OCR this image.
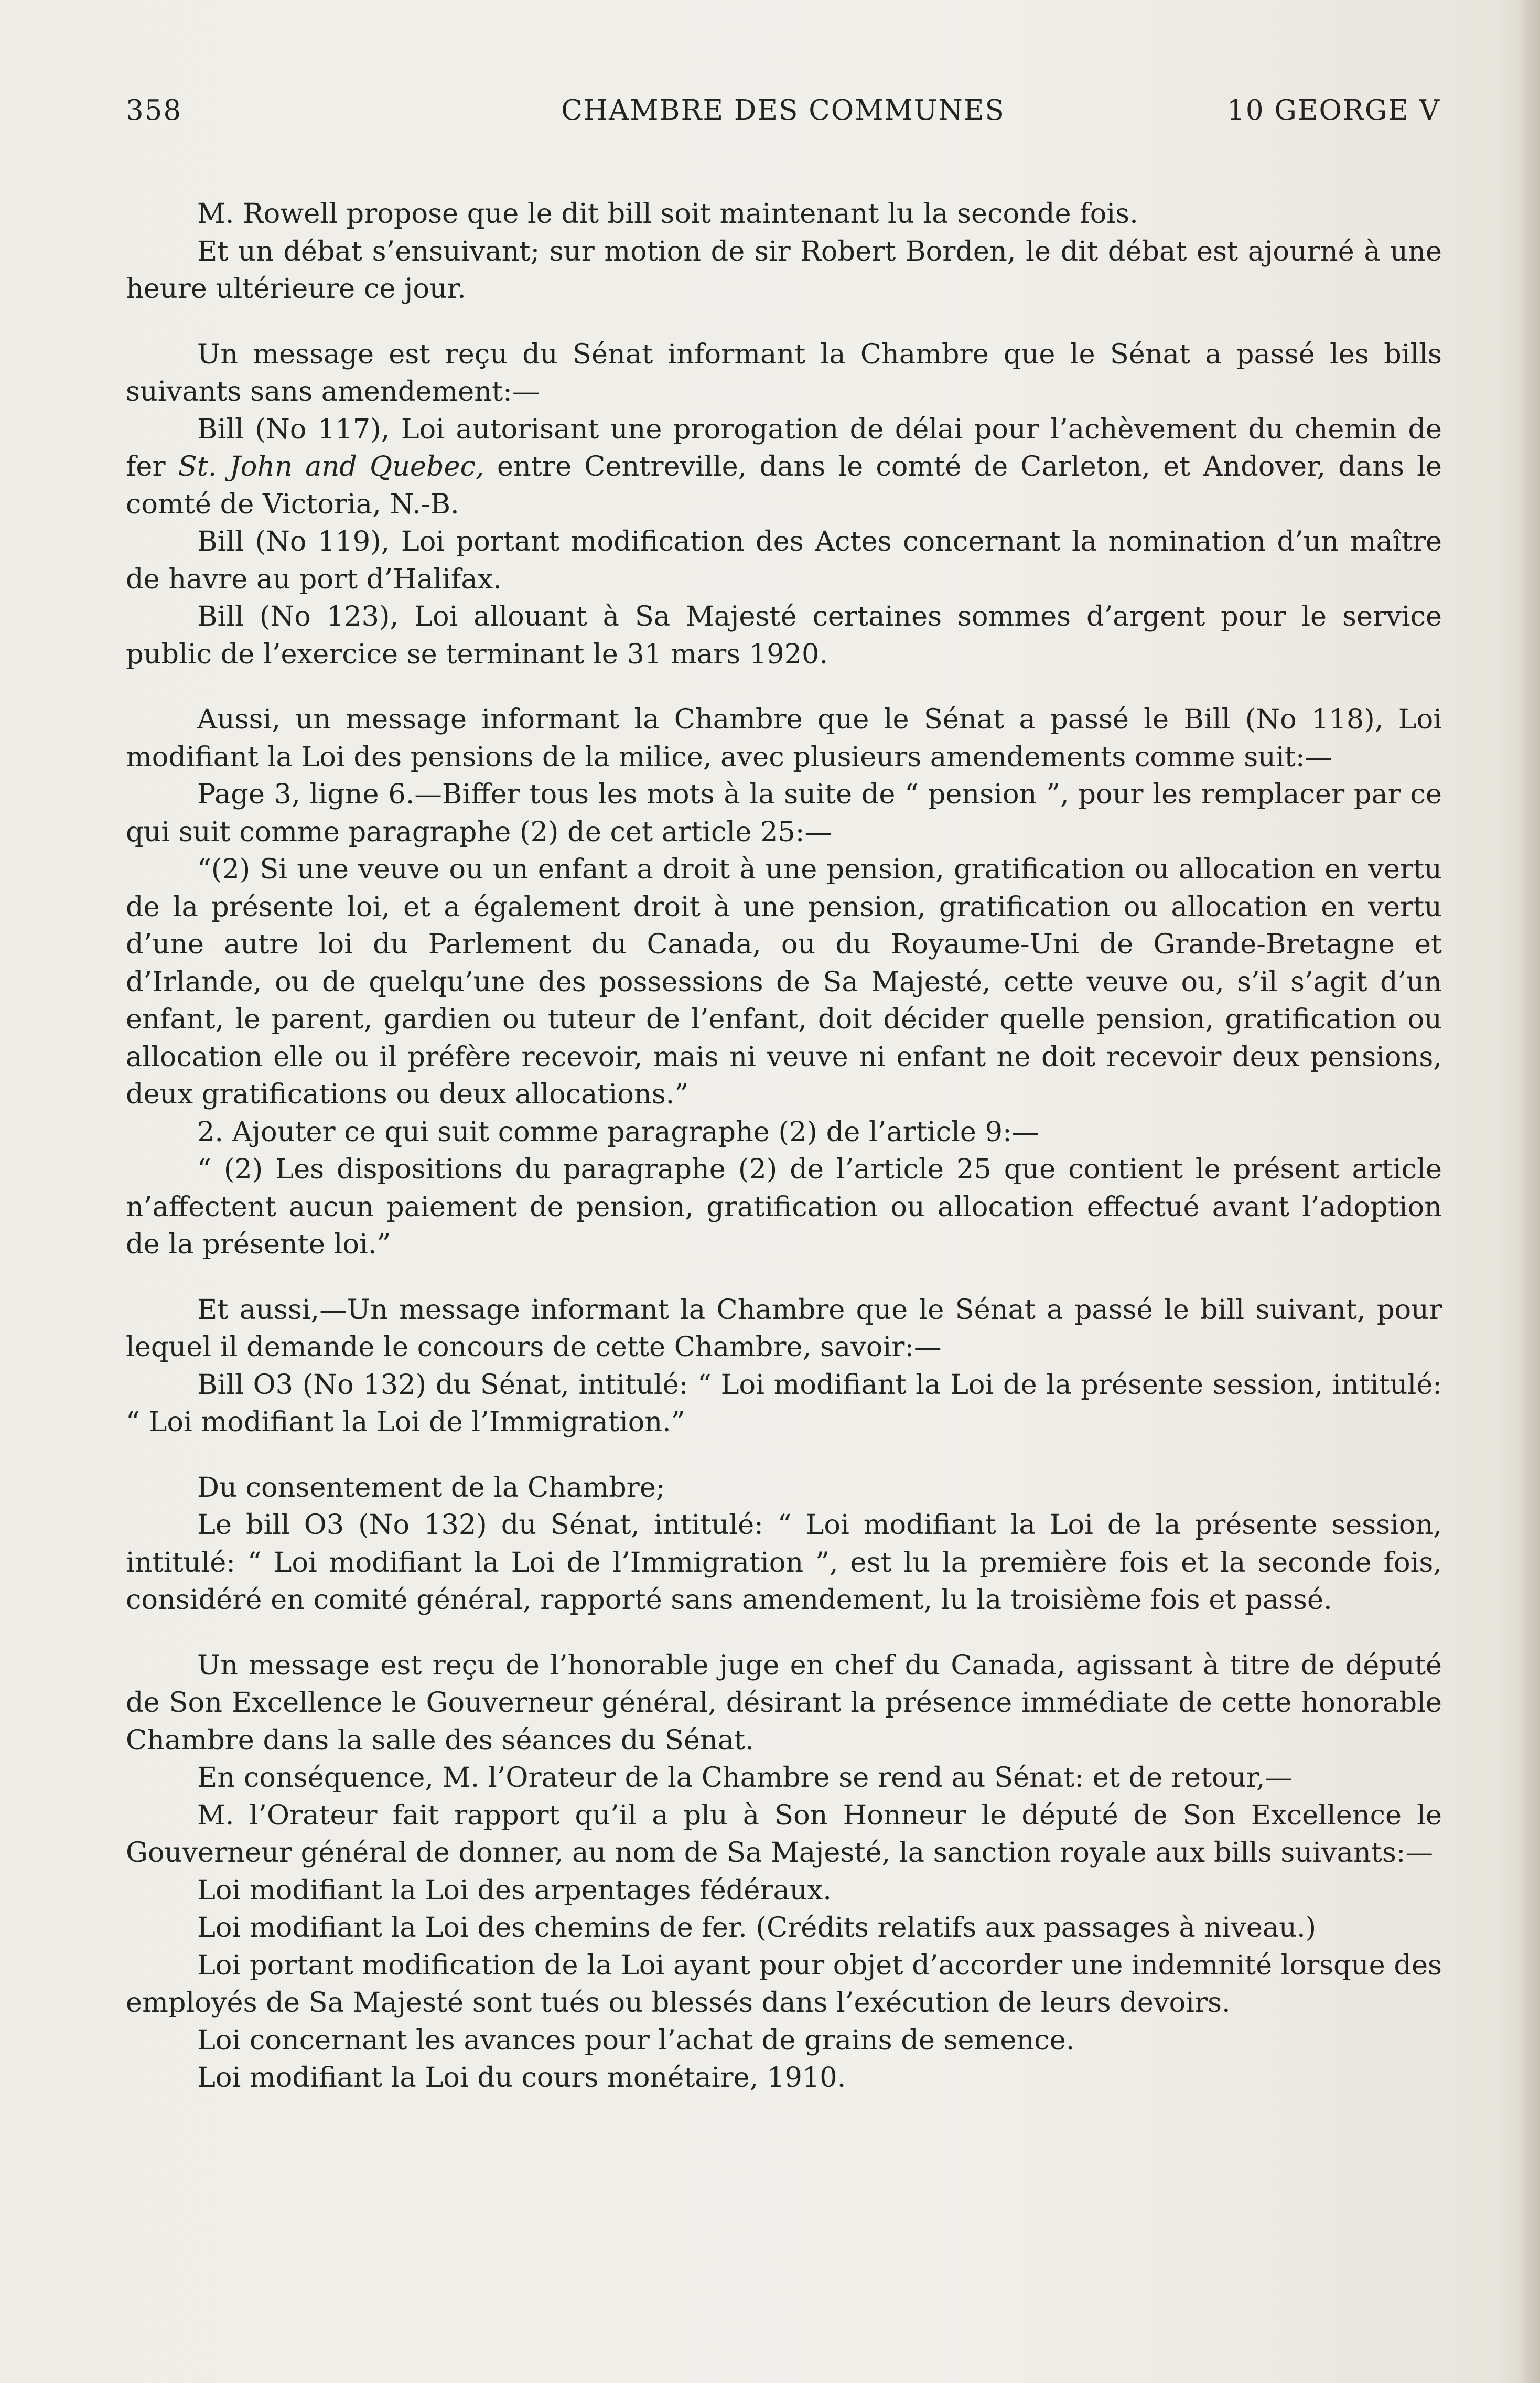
358	CHAMBRE DES COMMUNES	10 GEORGE V

M. Rowell propose que le dit bill soit maintenant lu la seconde fois.

Et un débat s’ensuivant; sur motion de sir Robert Borden, le dit débat est ajourné à une heure ultérieure ce jour.

Un message est reçu du Sénat informant la Chambre que le Sénat a passé les bills suivants sans amendement:—

Bill (No 117), Loi autorisant une prorogation de délai pour l’achèvement du chemin de fer St. John and Quebec, entre Centreville, dans le comté de Carleton, et Andover, dans le comté de Victoria, N.-B.

Bill (No 119), Loi portant modification des Actes concernant la nomination d’un maître de havre au port d’Halifax.

Bill (No 123), Loi allouant à Sa Majesté certaines sommes d’argent pour le service public de l’exercice se terminant le 31 mars 1920.

Aussi, un message informant la Chambre que le Sénat a passé le Bill (No 118), Loi modifiant la Loi des pensions de la milice, avec plusieurs amendements comme suit:—

Page 3, ligne 6.—Biffer tous les mots à la suite de “ pension ”, pour les remplacer par ce qui suit comme paragraphe (2) de cet article 25:—

“(2) Si une veuve ou un enfant a droit à une pension, gratification ou allocation en vertu de la présente loi, et a également droit à une pension, gratification ou allocation en vertu d’une autre loi du Parlement du Canada, ou du Royaume-Uni de Grande-Bretagne et d’Irlande, ou de quelqu’une des possessions de Sa Majesté, cette veuve ou, s’il s’agit d’un enfant, le parent, gardien ou tuteur de l’enfant, doit décider quelle pension, gratification ou allocation elle ou il préfère recevoir, mais ni veuve ni enfant ne doit recevoir deux pensions, deux gratifications ou deux allocations.”

2. Ajouter ce qui suit comme paragraphe (2) de l’article 9:—

“ (2) Les dispositions du paragraphe (2) de l’article 25 que contient le présent article n’affectent aucun paiement de pension, gratification ou allocation effectué avant l’adoption de la présente loi.”

Et aussi,—Un message informant la Chambre que le Sénat a passé le bill suivant, pour lequel il demande le concours de cette Chambre, savoir:—

Bill O3 (No 132) du Sénat, intitulé: “ Loi modifiant la Loi de la présente session, intitulé: “ Loi modifiant la Loi de l’Immigration.”

Du consentement de la Chambre;

Le bill O3 (No 132) du Sénat, intitulé: “ Loi modifiant la Loi de la présente session, intitulé: “ Loi modifiant la Loi de l’Immigration ”, est lu la première fois et la seconde fois, considéré en comité général, rapporté sans amendement, lu la troisième fois et passé.

Un message est reçu de l’honorable juge en chef du Canada, agissant à titre de député de Son Excellence le Gouverneur général, désirant la présence immédiate de cette honorable Chambre dans la salle des séances du Sénat.

En conséquence, M. l’Orateur de la Chambre se rend au Sénat: et de retour,—

M. l’Orateur fait rapport qu’il a plu à Son Honneur le député de Son Excellence le Gouverneur général de donner, au nom de Sa Majesté, la sanction royale aux bills suivants:—

Loi modifiant la Loi des arpentages fédéraux.

Loi modifiant la Loi des chemins de fer. (Crédits relatifs aux passages à niveau.)

Loi portant modification de la Loi ayant pour objet d’accorder une indemnité lorsque des employés de Sa Majesté sont tués ou blessés dans l’exécution de leurs devoirs.

Loi concernant les avances pour l’achat de grains de semence.

Loi modifiant la Loi du cours monétaire, 1910.
